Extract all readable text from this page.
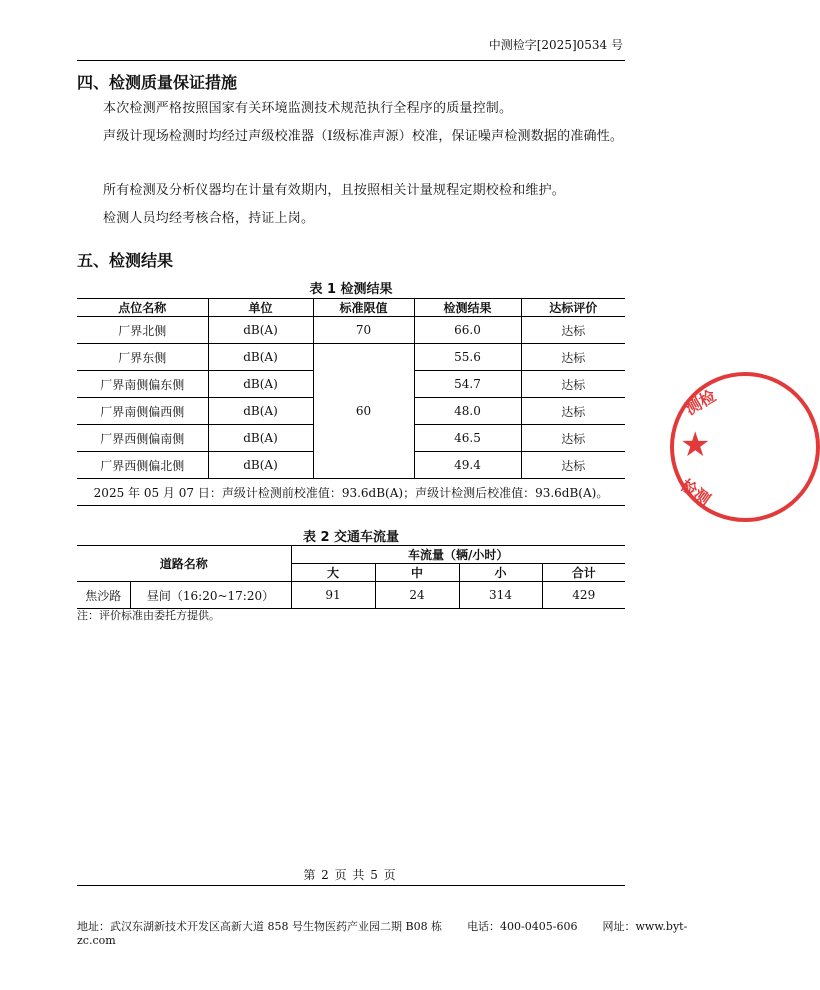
中测检字[2025]0534 号
四、检测质量保证措施
本次检测严格按照国家有关环境监测技术规范执行全程序的质量控制。
声级计现场检测时均经过声级校准器（Ⅰ级标准声源）校准，保证噪声检测数据的准确性。
所有检测及分析仪器均在计量有效期内，且按照相关计量规程定期校检和维护。
检测人员均经考核合格，持证上岗。
五、检测结果
表 1 检测结果
点位名称	单位	标准限值	检测结果	达标评价
厂界北侧	dB(A)	70	66.0	达标
厂界东侧	dB(A)	60	55.6	达标
厂界南侧偏东侧	dB(A)		54.7	达标
厂界南侧偏西侧	dB(A)		48.0	达标
厂界西侧偏南侧	dB(A)		46.5	达标
厂界西侧偏北侧	dB(A)		49.4	达标
2025 年 05 月 07 日：声级计检测前校准值：93.6dB(A)；声级计检测后校准值：93.6dB(A)。				
表 2 交通车流量
道路名称		车流量（辆/小时）			
		大	中	小	合计
焦沙路	昼间（16:20~17:20）	91	24	314	429
注：评价标准由委托方提供。
第 2 页 共 5 页
地址：武汉东湖新技术开发区高新大道 858 号生物医药产业园二期 B08 栋 电话：400-0405-606 网址：www.byt-zc.com
测检
★
检测
